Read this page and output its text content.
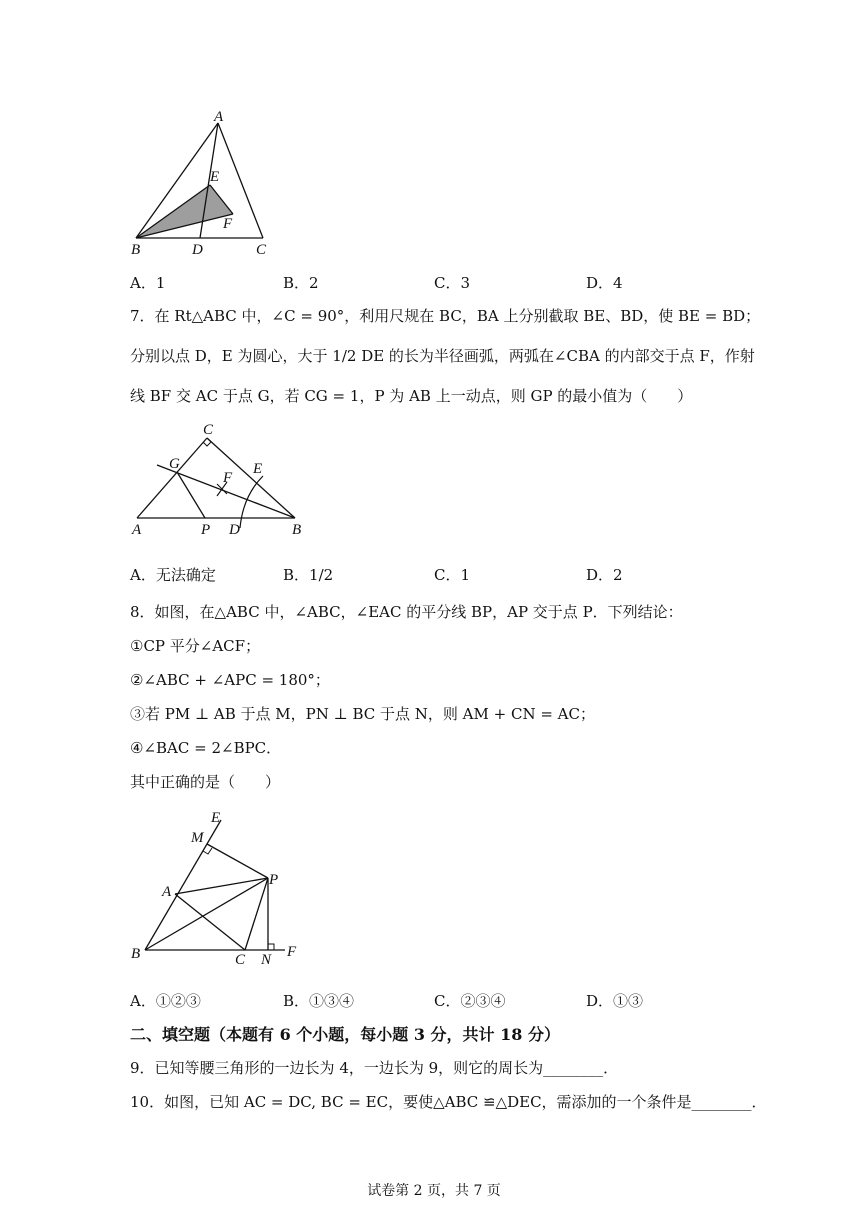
A
E
F
B	D	C
A．1	B．2	C．3	D．4
7．在 Rt△ABC 中，∠C = 90°，利用尺规在 BC，BA 上分别截取 BE、BD，使 BE = BD；
分别以点 D，E 为圆心，大于 1/2 DE 的长为半径画弧，两弧在∠CBA 的内部交于点 F，作射
线 BF 交 AC 于点 G，若 CG = 1，P 为 AB 上一动点，则 GP 的最小值为（　　）
C
G
F
E
A	P D	B
A．无法确定	B．1/2	C．1	D．2
8．如图，在△ABC 中，∠ABC，∠EAC 的平分线 BP，AP 交于点 P．下列结论：
①CP 平分∠ACF；
②∠ABC + ∠APC = 180°；
③若 PM ⊥ AB 于点 M，PN ⊥ BC 于点 N，则 AM + CN = AC；
④∠BAC = 2∠BPC．
其中正确的是（　　）
E
M
A
P
B	C N F
A．①②③	B．①③④	C．②③④	D．①③
二、填空题（本题有 6 个小题，每小题 3 分，共计 18 分）
9．已知等腰三角形的一边长为 4，一边长为 9，则它的周长为________．
10．如图，已知 AC = DC, BC = EC，要使△ABC ≌△DEC，需添加的一个条件是________．
试卷第 2 页，共 7 页
